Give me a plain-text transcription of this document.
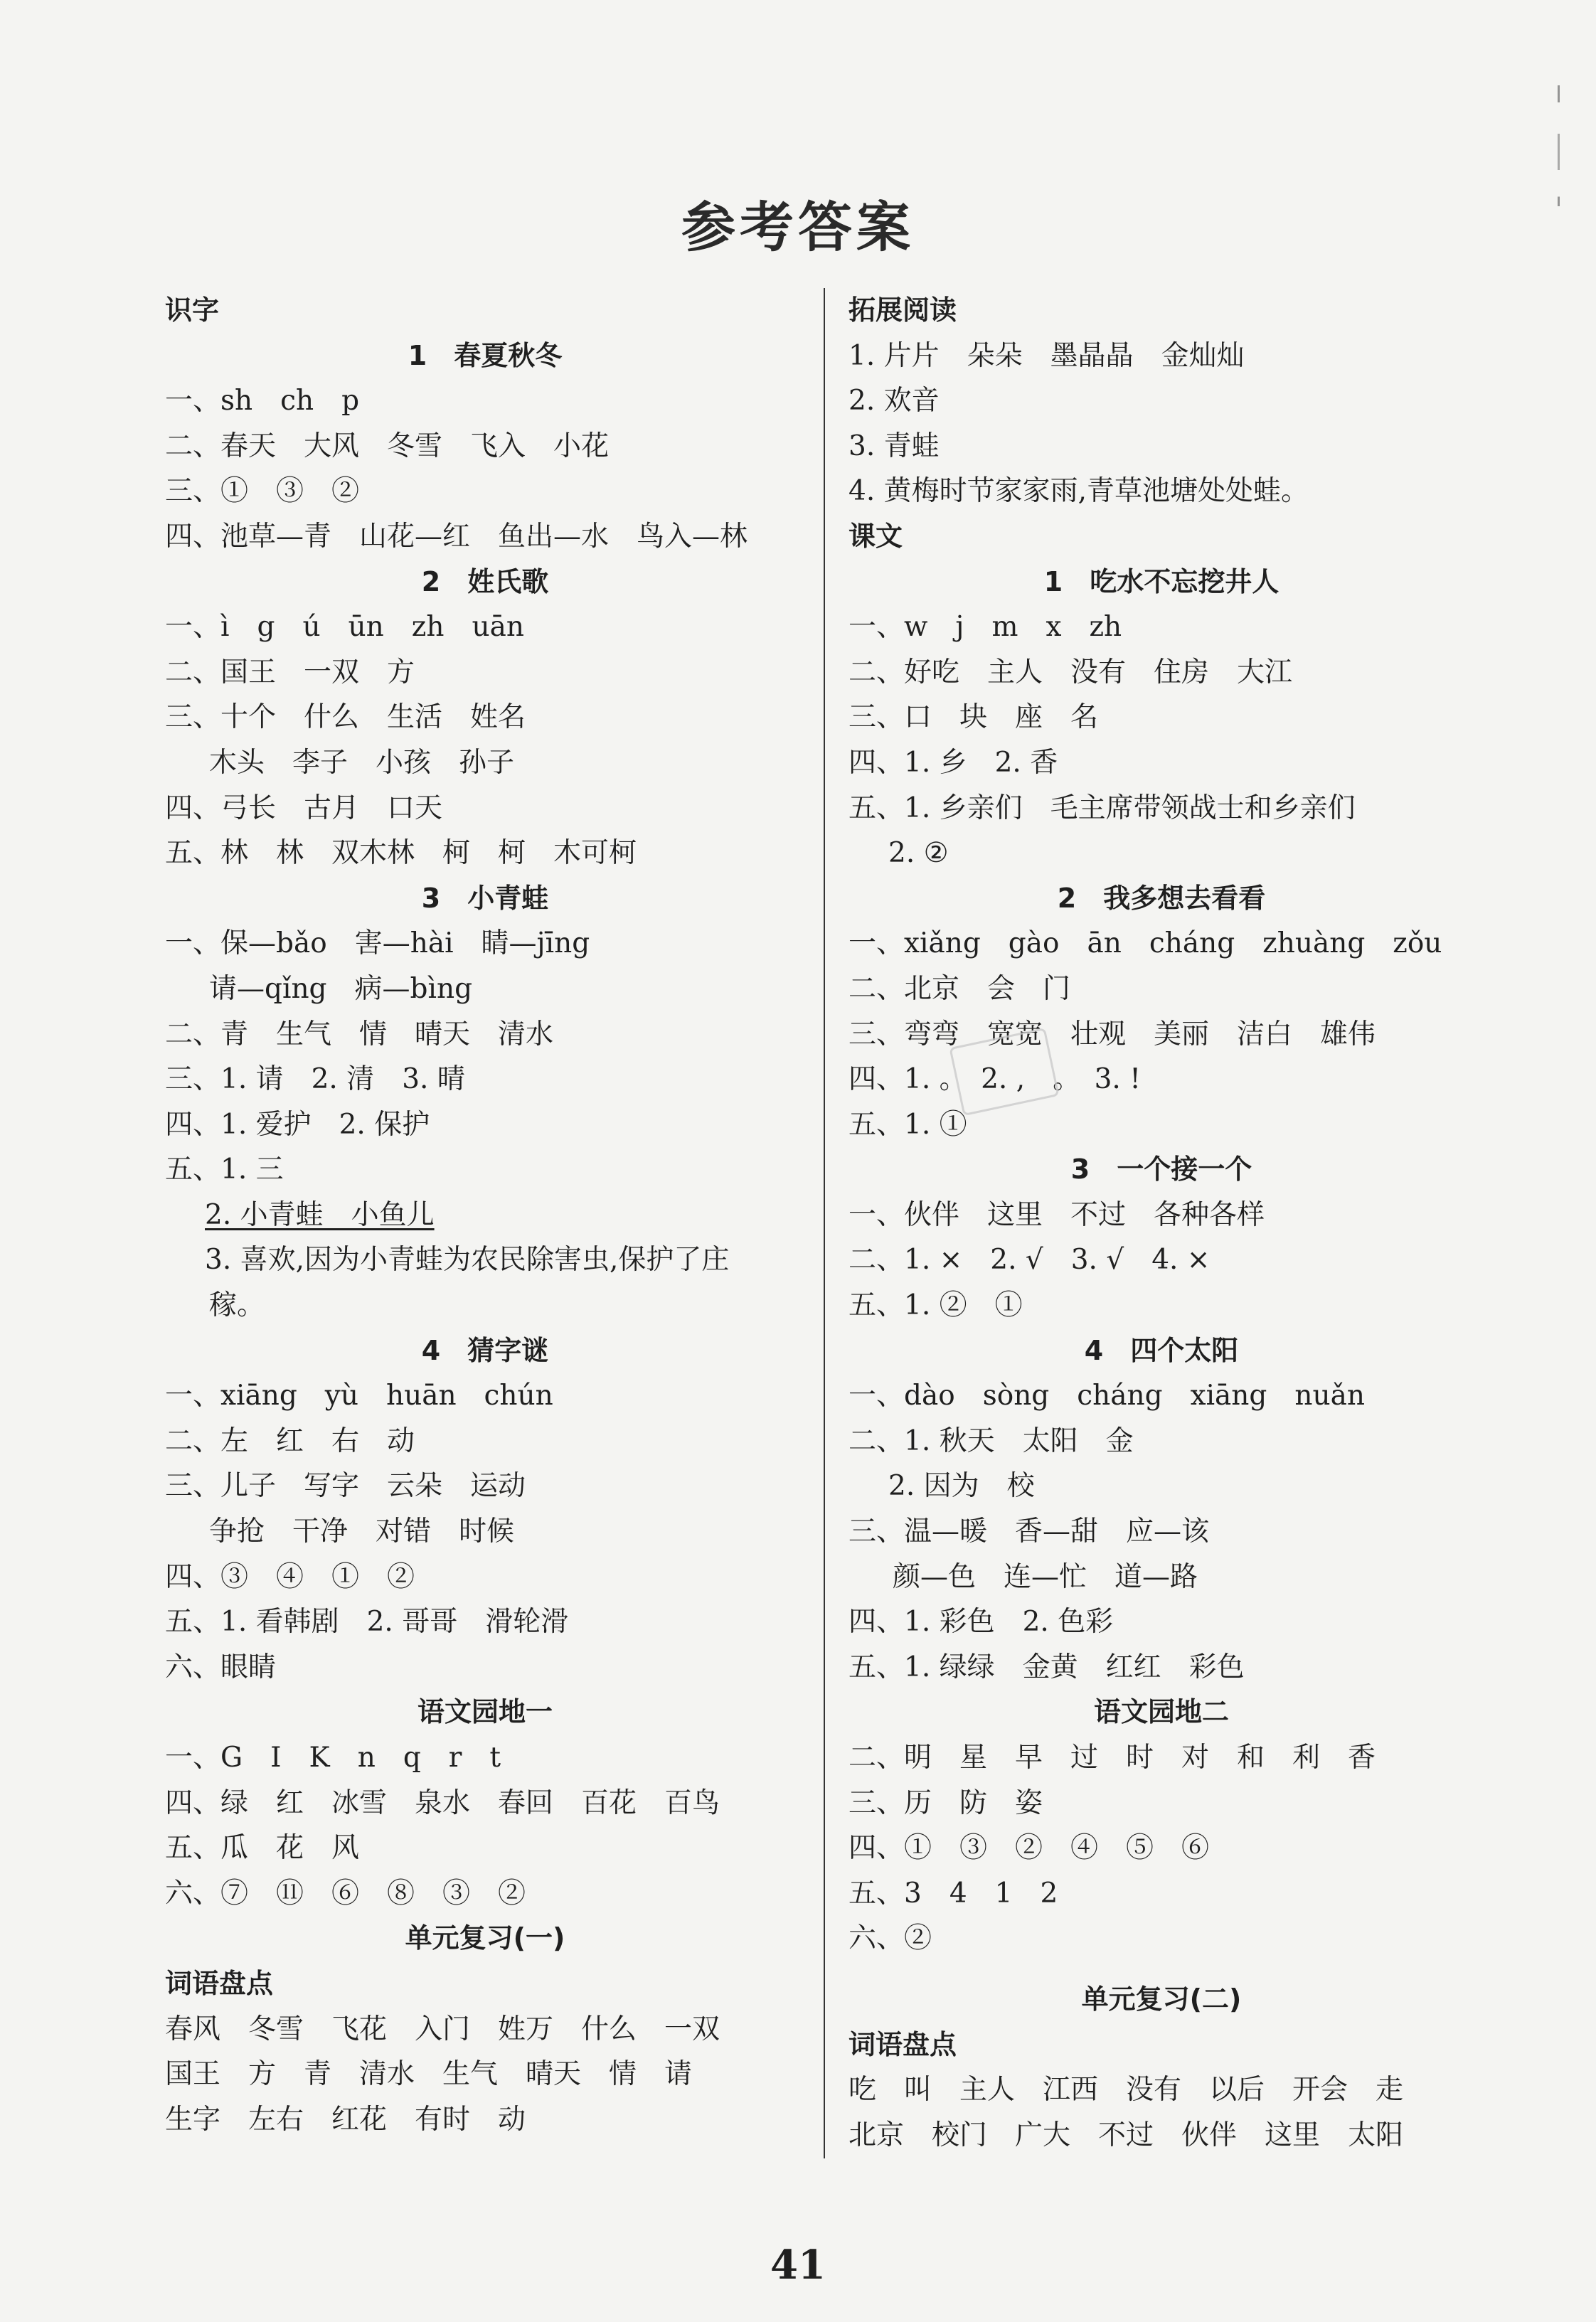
参考答案
识字
1　春夏秋冬
一、sh　ch　p
二、春天　大风　冬雪　飞入　小花
三、①　③　②
四、池草—青　山花—红　鱼出—水　鸟入—林
2　姓氏歌
一、ì　g　ú　ūn　zh　uān
二、国王　一双　方
三、十个　什么　生活　姓名
木头　李子　小孩　孙子
四、弓长　古月　口天
五、林　林　双木林　柯　柯　木可柯
3　小青蛙
一、保—bǎo　害—hài　睛—jīng
请—qǐng　病—bìng
二、青　生气　情　晴天　清水
三、1. 请　2. 清　3. 晴
四、1. 爱护　2. 保护
五、1. 三
2. 小青蛙　小鱼儿
3. 喜欢,因为小青蛙为农民除害虫,保护了庄
稼。
4　猜字谜
一、xiāng　yù　huān　chún
二、左　红　右　动
三、儿子　写字　云朵　运动
争抢　干净　对错　时候
四、③　④　①　②
五、1. 看韩剧　2. 哥哥　滑轮滑
六、眼睛
语文园地一
一、G　I　K　n　q　r　t
四、绿　红　冰雪　泉水　春回　百花　百鸟
五、瓜　花　风
六、⑦　⑪　⑥　⑧　③　②
单元复习(一)
词语盘点
春风　冬雪　飞花　入门　姓万　什么　一双
国王　方　青　清水　生气　晴天　情　请
生字　左右　红花　有时　动
拓展阅读
1. 片片　朵朵　墨晶晶　金灿灿
2. 欢音
3. 青蛙
4. 黄梅时节家家雨,青草池塘处处蛙。
课文
1　吃水不忘挖井人
一、w　j　m　x　zh
二、好吃　主人　没有　住房　大江
三、口　块　座　名
四、1. 乡　2. 香
五、1. 乡亲们　毛主席带领战士和乡亲们
2. ②
2　我多想去看看
一、xiǎng　gào　ān　cháng　zhuàng　zǒu
二、北京　会　门
三、弯弯　宽宽　壮观　美丽　洁白　雄伟
四、1. 。　2. ,　。　3. !
五、1. ①
3　一个接一个
一、伙伴　这里　不过　各种各样
二、1. ×　2. √　3. √　4. ×
五、1. ②　①
4　四个太阳
一、dào　sòng　cháng　xiāng　nuǎn
二、1. 秋天　太阳　金
2. 因为　校
三、温—暖　香—甜　应—该
颜—色　连—忙　道—路
四、1. 彩色　2. 色彩
五、1. 绿绿　金黄　红红　彩色
语文园地二
二、明　星　早　过　时　对　和　利　香
三、历　防　姿
四、①　③　②　④　⑤　⑥
五、3　4　1　2
六、②
单元复习(二)
词语盘点
吃　叫　主人　江西　没有　以后　开会　走
北京　校门　广大　不过　伙伴　这里　太阳
41
